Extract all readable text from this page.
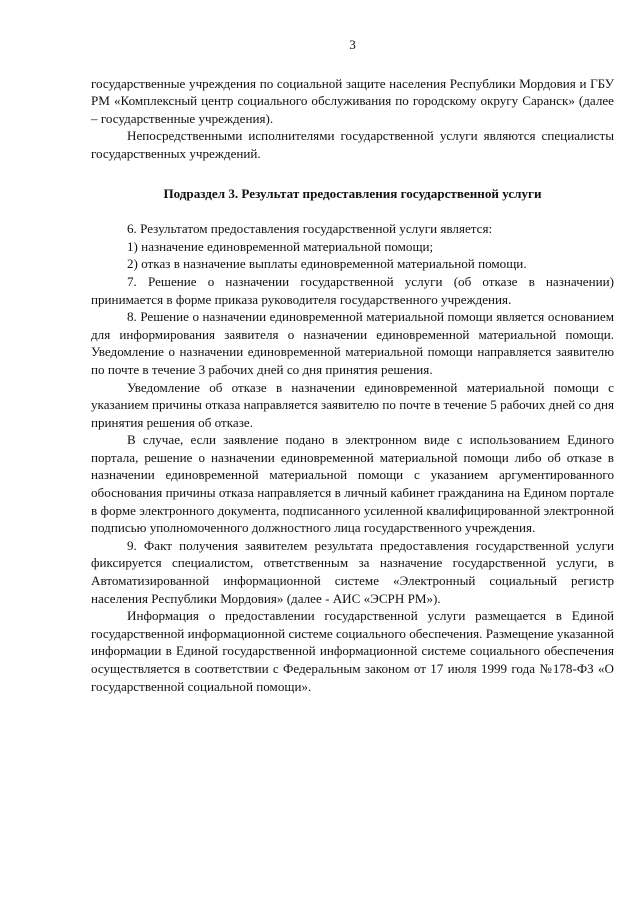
3

государственные учреждения по социальной защите населения Республики Мордовия и ГБУ РМ «Комплексный центр социального обслуживания по городскому округу Саранск» (далее – государственные учреждения).

Непосредственными исполнителями государственной услуги являются специалисты государственных учреждений.

Подраздел 3. Результат предоставления государственной услуги

6. Результатом предоставления государственной услуги является:

1) назначение единовременной материальной помощи;

2) отказ в назначение выплаты единовременной материальной помощи.

7. Решение о назначении государственной услуги (об отказе в назначении) принимается в форме приказа руководителя государственного учреждения.

8. Решение о назначении единовременной материальной помощи является основанием для информирования заявителя о назначении единовременной материальной помощи. Уведомление о назначении единовременной материальной помощи направляется заявителю по почте в течение 3 рабочих дней со дня принятия решения.

Уведомление об отказе в назначении единовременной материальной помощи с указанием причины отказа направляется заявителю по почте в течение 5 рабочих дней со дня принятия решения об отказе.

В случае, если заявление подано в электронном виде с использованием Единого портала, решение о назначении единовременной материальной помощи либо об отказе в назначении единовременной материальной помощи с указанием аргументированного обоснования причины отказа направляется в личный кабинет гражданина на Едином портале в форме электронного документа, подписанного усиленной квалифицированной электронной подписью уполномоченного должностного лица государственного учреждения.

9. Факт получения заявителем результата предоставления государственной услуги фиксируется специалистом, ответственным за назначение государственной услуги, в Автоматизированной информационной системе «Электронный социальный регистр населения Республики Мордовия» (далее - АИС «ЭСРН РМ»).

Информация о предоставлении государственной услуги размещается в Единой государственной информационной системе социального обеспечения. Размещение указанной информации в Единой государственной информационной системе социального обеспечения осуществляется в соответствии с Федеральным законом от 17 июля 1999 года №178-ФЗ «О государственной социальной помощи».
